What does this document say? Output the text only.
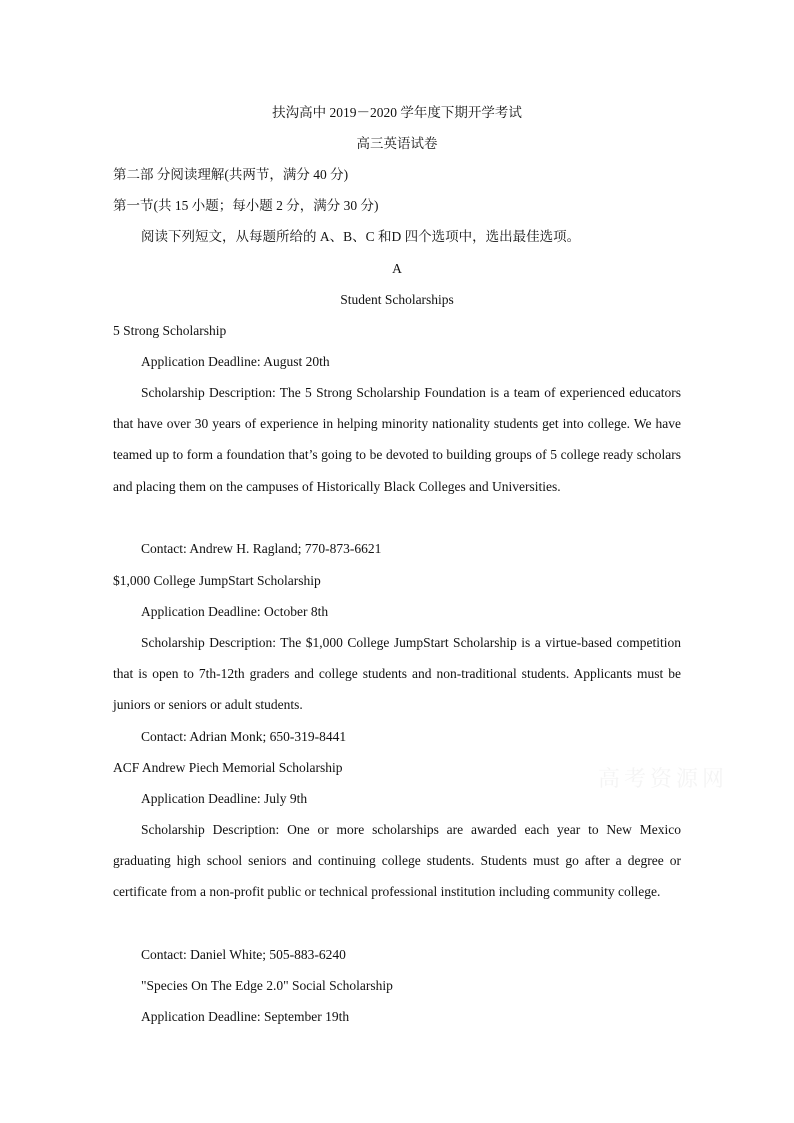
扶沟高中 2019－2020 学年度下期开学考试
高三英语试卷
第二部 分阅读理解(共两节，满分 40 分)
第一节(共 15 小题；每小题 2 分，满分 30 分)
阅读下列短文，从每题所给的 A、B、C 和D 四个选项中，选出最佳选项。
A
Student Scholarships
5 Strong Scholarship
Application Deadline: August 20th
Scholarship Description: The 5 Strong Scholarship Foundation is a team of experienced educators that have over 30 years of experience in helping minority nationality students get into college. We have teamed up to form a foundation that’s going to be devoted to building groups of 5 college ready scholars and placing them on the campuses of Historically Black Colleges and Universities.
Contact: Andrew H. Ragland; 770-873-6621
$1,000 College JumpStart Scholarship
Application Deadline: October 8th
Scholarship Description: The $1,000 College JumpStart Scholarship is a virtue-based competition that is open to 7th-12th graders and college students and non-traditional students. Applicants must be juniors or seniors or adult students.
Contact: Adrian Monk; 650-319-8441
ACF Andrew Piech Memorial Scholarship
Application Deadline: July 9th
Scholarship Description: One or more scholarships are awarded each year to New Mexico graduating high school seniors and continuing college students. Students must go after a degree or certificate from a non-profit public or technical professional institution including community college.
Contact: Daniel White; 505-883-6240
"Species On The Edge 2.0" Social Scholarship
Application Deadline: September 19th
高考资源网
